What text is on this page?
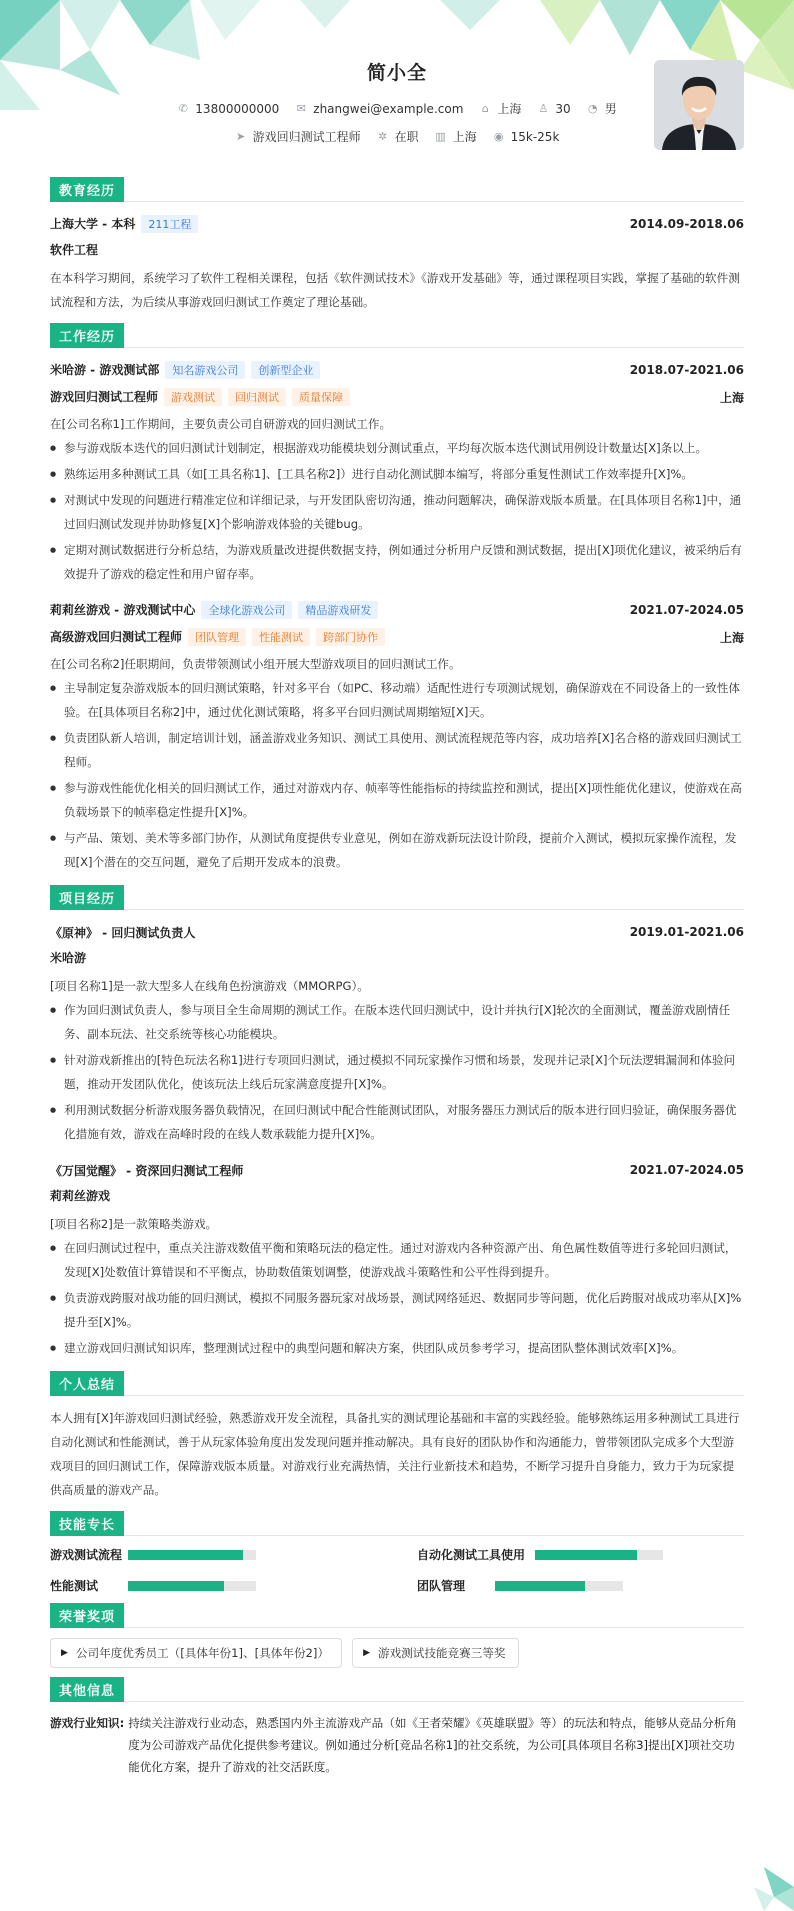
简小全
✆ 13800000000 ✉ zhangwei@example.com ⌂ 上海 ♙ 30 ◔ 男
➤ 游戏回归测试工程师 ✲ 在职 ▥ 上海 ◉ 15k-25k
教育经历
上海大学 - 本科 211工程	2014.09-2018.06
软件工程
在本科学习期间，系统学习了软件工程相关课程，包括《软件测试技术》《游戏开发基础》等，通过课程项目实践，掌握了基础的软件测试流程和方法，为后续从事游戏回归测试工作奠定了理论基础。
工作经历
米哈游 - 游戏测试部 知名游戏公司 创新型企业	2018.07-2021.06
游戏回归测试工程师 游戏测试 回归测试 质量保障	上海
在[公司名称1]工作期间，主要负责公司自研游戏的回归测试工作。
● 参与游戏版本迭代的回归测试计划制定，根据游戏功能模块划分测试重点，平均每次版本迭代测试用例设计数量达[X]条以上。
● 熟练运用多种测试工具（如[工具名称1]、[工具名称2]）进行自动化测试脚本编写，将部分重复性测试工作效率提升[X]%。
● 对测试中发现的问题进行精准定位和详细记录，与开发团队密切沟通，推动问题解决，确保游戏版本质量。在[具体项目名称1]中，通过回归测试发现并协助修复[X]个影响游戏体验的关键bug。
● 定期对测试数据进行分析总结，为游戏质量改进提供数据支持，例如通过分析用户反馈和测试数据，提出[X]项优化建议，被采纳后有效提升了游戏的稳定性和用户留存率。
莉莉丝游戏 - 游戏测试中心 全球化游戏公司 精品游戏研发	2021.07-2024.05
高级游戏回归测试工程师 团队管理 性能测试 跨部门协作	上海
在[公司名称2]任职期间，负责带领测试小组开展大型游戏项目的回归测试工作。
● 主导制定复杂游戏版本的回归测试策略，针对多平台（如PC、移动端）适配性进行专项测试规划，确保游戏在不同设备上的一致性体验。在[具体项目名称2]中，通过优化测试策略，将多平台回归测试周期缩短[X]天。
● 负责团队新人培训，制定培训计划，涵盖游戏业务知识、测试工具使用、测试流程规范等内容，成功培养[X]名合格的游戏回归测试工程师。
● 参与游戏性能优化相关的回归测试工作，通过对游戏内存、帧率等性能指标的持续监控和测试，提出[X]项性能优化建议，使游戏在高负载场景下的帧率稳定性提升[X]%。
● 与产品、策划、美术等多部门协作，从测试角度提供专业意见，例如在游戏新玩法设计阶段，提前介入测试，模拟玩家操作流程，发现[X]个潜在的交互问题，避免了后期开发成本的浪费。
项目经历
《原神》 - 回归测试负责人	2019.01-2021.06
米哈游
[项目名称1]是一款大型多人在线角色扮演游戏（MMORPG）。
● 作为回归测试负责人，参与项目全生命周期的测试工作。在版本迭代回归测试中，设计并执行[X]轮次的全面测试，覆盖游戏剧情任务、副本玩法、社交系统等核心功能模块。
● 针对游戏新推出的[特色玩法名称1]进行专项回归测试，通过模拟不同玩家操作习惯和场景，发现并记录[X]个玩法逻辑漏洞和体验问题，推动开发团队优化，使该玩法上线后玩家满意度提升[X]%。
● 利用测试数据分析游戏服务器负载情况，在回归测试中配合性能测试团队，对服务器压力测试后的版本进行回归验证，确保服务器优化措施有效，游戏在高峰时段的在线人数承载能力提升[X]%。
《万国觉醒》 - 资深回归测试工程师	2021.07-2024.05
莉莉丝游戏
[项目名称2]是一款策略类游戏。
● 在回归测试过程中，重点关注游戏数值平衡和策略玩法的稳定性。通过对游戏内各种资源产出、角色属性数值等进行多轮回归测试，发现[X]处数值计算错误和不平衡点，协助数值策划调整，使游戏战斗策略性和公平性得到提升。
● 负责游戏跨服对战功能的回归测试，模拟不同服务器玩家对战场景，测试网络延迟、数据同步等问题，优化后跨服对战成功率从[X]%提升至[X]%。
● 建立游戏回归测试知识库，整理测试过程中的典型问题和解决方案，供团队成员参考学习，提高团队整体测试效率[X]%。
个人总结
本人拥有[X]年游戏回归测试经验，熟悉游戏开发全流程，具备扎实的测试理论基础和丰富的实践经验。能够熟练运用多种测试工具进行自动化测试和性能测试，善于从玩家体验角度出发发现问题并推动解决。具有良好的团队协作和沟通能力，曾带领团队完成多个大型游戏项目的回归测试工作，保障游戏版本质量。对游戏行业充满热情，关注行业新技术和趋势，不断学习提升自身能力，致力于为玩家提供高质量的游戏产品。
技能专长
游戏测试流程	自动化测试工具使用
性能测试	团队管理
荣誉奖项
▶ 公司年度优秀员工（[具体年份1]、[具体年份2]）	▶ 游戏测试技能竞赛三等奖
其他信息
游戏行业知识: 持续关注游戏行业动态，熟悉国内外主流游戏产品（如《王者荣耀》《英雄联盟》等）的玩法和特点，能够从竞品分析角度为公司游戏产品优化提供参考建议。例如通过分析[竞品名称1]的社交系统，为公司[具体项目名称3]提出[X]项社交功能优化方案，提升了游戏的社交活跃度。
